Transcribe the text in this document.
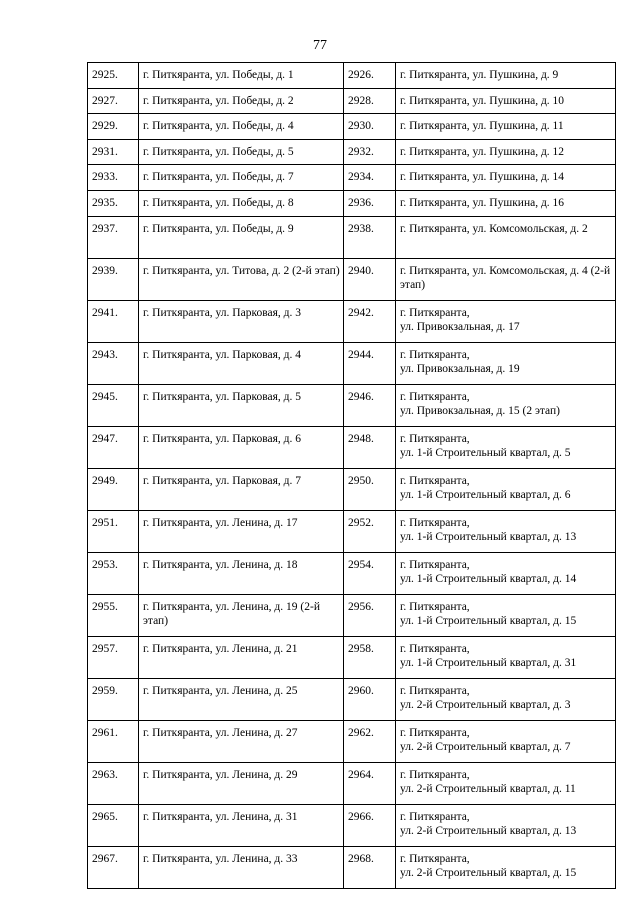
77
2925.	г. Питкяранта, ул. Победы, д. 1	2926.	г. Питкяранта, ул. Пушкина, д. 9
2927.	г. Питкяранта, ул. Победы, д. 2	2928.	г. Питкяранта, ул. Пушкина, д. 10
2929.	г. Питкяранта, ул. Победы, д. 4	2930.	г. Питкяранта, ул. Пушкина, д. 11
2931.	г. Питкяранта, ул. Победы, д. 5	2932.	г. Питкяранта, ул. Пушкина, д. 12
2933.	г. Питкяранта, ул. Победы, д. 7	2934.	г. Питкяранта, ул. Пушкина, д. 14
2935.	г. Питкяранта, ул. Победы, д. 8	2936.	г. Питкяранта, ул. Пушкина, д. 16
2937.	г. Питкяранта, ул. Победы, д. 9	2938.	г. Питкяранта, ул. Комсомольская, д. 2
2939.	г. Питкяранта, ул. Титова, д. 2 (2-й этап)	2940.	г. Питкяранта, ул. Комсомольская, д. 4 (2-й этап)
2941.	г. Питкяранта, ул. Парковая, д. 3	2942.	г. Питкяранта,
ул. Привокзальная, д. 17
2943.	г. Питкяранта, ул. Парковая, д. 4	2944.	г. Питкяранта,
ул. Привокзальная, д. 19
2945.	г. Питкяранта, ул. Парковая, д. 5	2946.	г. Питкяранта,
ул. Привокзальная, д. 15 (2 этап)
2947.	г. Питкяранта, ул. Парковая, д. 6	2948.	г. Питкяранта,
ул. 1-й Строительный квартал, д. 5
2949.	г. Питкяранта, ул. Парковая, д. 7	2950.	г. Питкяранта,
ул. 1-й Строительный квартал, д. 6
2951.	г. Питкяранта, ул. Ленина, д. 17	2952.	г. Питкяранта,
ул. 1-й Строительный квартал, д. 13
2953.	г. Питкяранта, ул. Ленина, д. 18	2954.	г. Питкяранта,
ул. 1-й Строительный квартал, д. 14
2955.	г. Питкяранта, ул. Ленина, д. 19 (2-й этап)	2956.	г. Питкяранта,
ул. 1-й Строительный квартал, д. 15
2957.	г. Питкяранта, ул. Ленина, д. 21	2958.	г. Питкяранта,
ул. 1-й Строительный квартал, д. 31
2959.	г. Питкяранта, ул. Ленина, д. 25	2960.	г. Питкяранта,
ул. 2-й Строительный квартал, д. 3
2961.	г. Питкяранта, ул. Ленина, д. 27	2962.	г. Питкяранта,
ул. 2-й Строительный квартал, д. 7
2963.	г. Питкяранта, ул. Ленина, д. 29	2964.	г. Питкяранта,
ул. 2-й Строительный квартал, д. 11
2965.	г. Питкяранта, ул. Ленина, д. 31	2966.	г. Питкяранта,
ул. 2-й Строительный квартал, д. 13
2967.	г. Питкяранта, ул. Ленина, д. 33	2968.	г. Питкяранта,
ул. 2-й Строительный квартал, д. 15
